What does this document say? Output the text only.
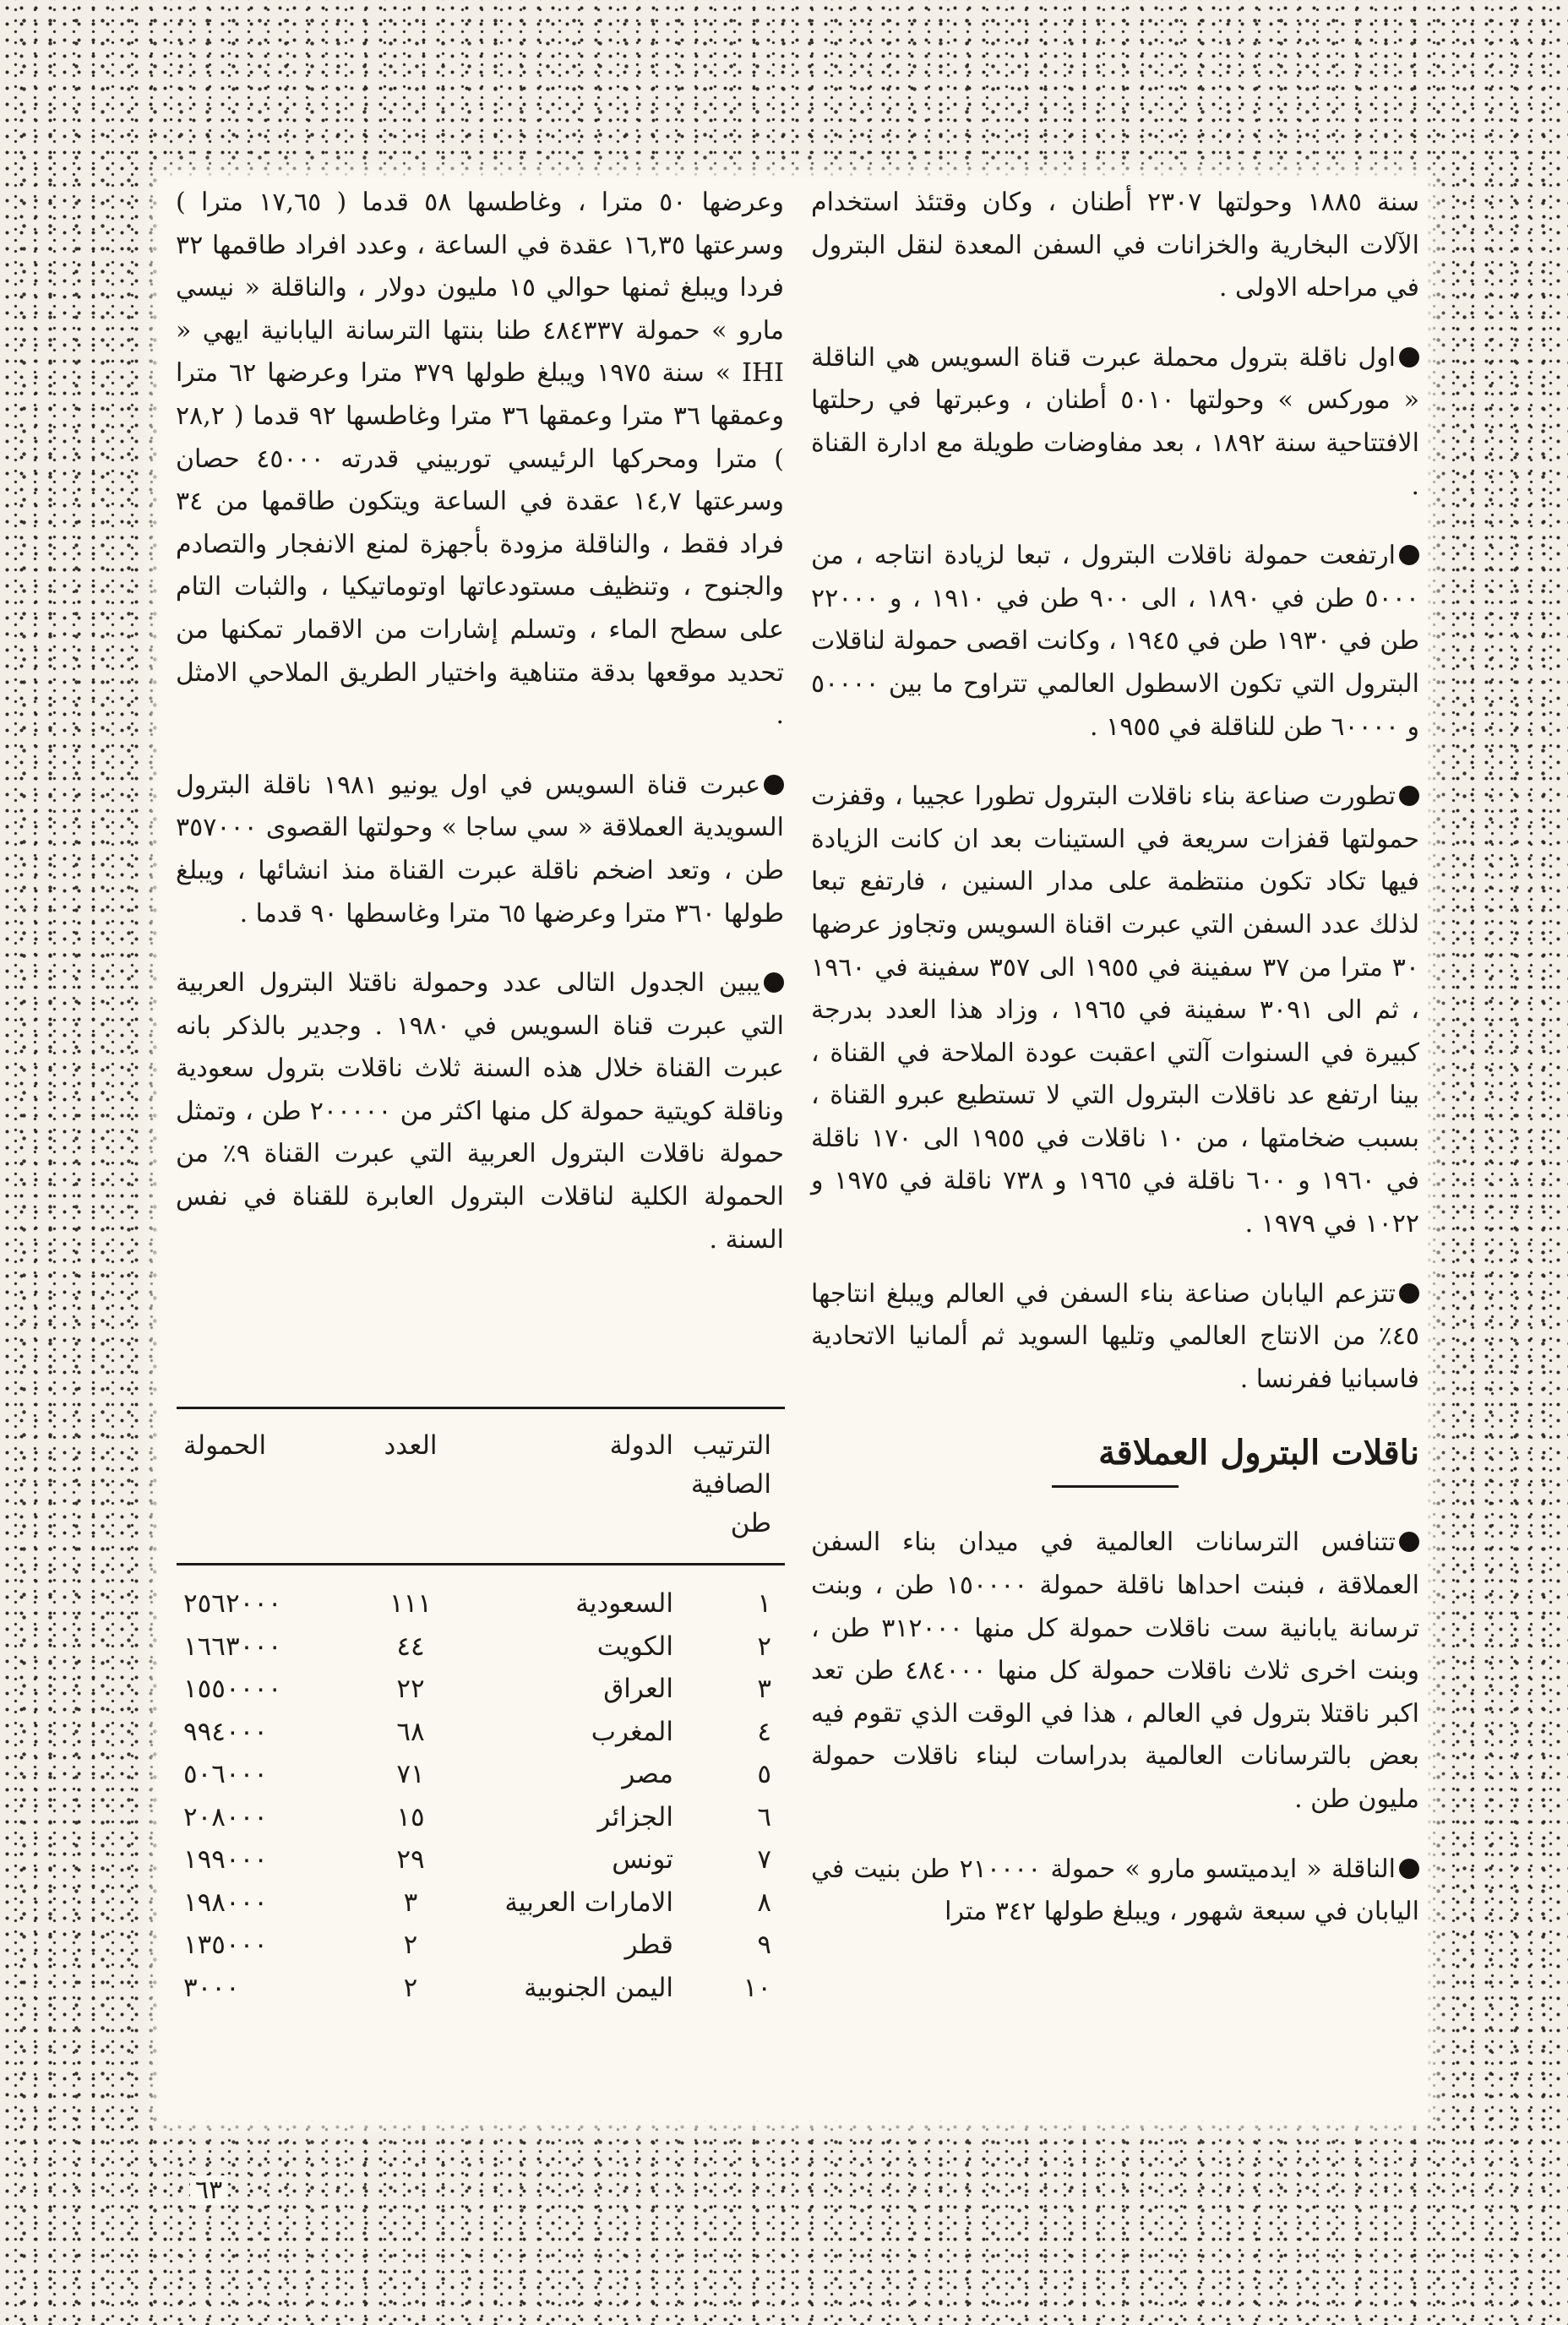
سنة ١٨٨٥ وحولتها ٢٣٠٧ أطنان ، وكان وقتئذ استخدام الآلات البخارية والخزانات في السفن المعدة لنقل البترول في مراحله الاولى .

اول ناقلة بترول محملة عبرت قناة السويس هي الناقلة « موركس » وحولتها ٥٠١٠ أطنان ، وعبرتها في رحلتها الافتتاحية سنة ١٨٩٢ ، بعد مفاوضات طويلة مع ادارة القناة .

ارتفعت حمولة ناقلات البترول ، تبعا لزيادة انتاجه ، من ٥٠٠٠ طن في ١٨٩٠ ، الى ٩٠٠ طن في ١٩١٠ ، و ٢٢٠٠٠ طن في ١٩٣٠ طن في ١٩٤٥ ، وكانت اقصى حمولة لناقلات البترول التي تكون الاسطول العالمي تتراوح ما بين ٥٠٠٠٠ و ٦٠٠٠٠ طن للناقلة في ١٩٥٥ .

تطورت صناعة بناء ناقلات البترول تطورا عجيبا ، وقفزت حمولتها قفزات سريعة في الستينات بعد ان كانت الزيادة فيها تكاد تكون منتظمة على مدار السنين ، فارتفع تبعا لذلك عدد السفن التي عبرت اقناة السويس وتجاوز عرضها ٣٠ مترا من ٣٧ سفينة في ١٩٥٥ الى ٣٥٧ سفينة في ١٩٦٠ ، ثم الى ٣٠٩١ سفينة في ١٩٦٥ ، وزاد هذا العدد بدرجة كبيرة في السنوات آلتي اعقبت عودة الملاحة في القناة ، بينا ارتفع عد ناقلات البترول التي لا تستطيع عبرو القناة ، بسبب ضخامتها ، من ١٠ ناقلات في ١٩٥٥ الى ١٧٠ ناقلة في ١٩٦٠ و ٦٠٠ ناقلة في ١٩٦٥ و ٧٣٨ ناقلة في ١٩٧٥ و ١٠٢٢ في ١٩٧٩ .

تتزعم اليابان صناعة بناء السفن في العالم ويبلغ انتاجها ٤٥٪ من الانتاج العالمي وتليها السويد ثم ألمانيا الاتحادية فاسبانيا ففرنسا .

ناقلات البترول العملاقة

تتنافس الترسانات العالمية في ميدان بناء السفن العملاقة ، فبنت احداها ناقلة حمولة ١٥٠٠٠٠ طن ، وبنت ترسانة يابانية ست ناقلات حمولة كل منها ٣١٢٠٠٠ طن ، وبنت اخرى ثلاث ناقلات حمولة كل منها ٤٨٤٠٠٠ طن تعد اكبر ناقتلا بترول في العالم ، هذا في الوقت الذي تقوم فيه بعض بالترسانات العالمية بدراسات لبناء ناقلات حمولة مليون طن .

الناقلة « ايدميتسو مارو » حمولة ٢١٠٠٠٠ طن بنيت في اليابان في سبعة شهور ، ويبلغ طولها ٣٤٢ مترا

وعرضها ٥٠ مترا ، وغاطسها ٥٨ قدما ( ١٧,٦٥ مترا ) وسرعتها ١٦,٣٥ عقدة في الساعة ، وعدد افراد طاقمها ٣٢ فردا ويبلغ ثمنها حوالي ١٥ مليون دولار ، والناقلة « نيسي مارو » حمولة ٤٨٤٣٣٧ طنا بنتها الترسانة اليابانية ايهي « IHI » سنة ١٩٧٥ ويبلغ طولها ٣٧٩ مترا وعرضها ٦٢ مترا وعمقها ٣٦ مترا وعمقها ٣٦ مترا وغاطسها ٩٢ قدما ( ٢٨,٢ ) مترا ومحركها الرئيسي توربيني قدرته ٤٥٠٠٠ حصان وسرعتها ١٤,٧ عقدة في الساعة ويتكون طاقمها من ٣٤ فراد فقط ، والناقلة مزودة بأجهزة لمنع الانفجار والتصادم والجنوح ، وتنظيف مستودعاتها اوتوماتيكيا ، والثبات التام على سطح الماء ، وتسلم إشارات من الاقمار تمكنها من تحديد موقعها بدقة متناهية واختيار الطريق الملاحي الامثل .

عبرت قناة السويس في اول يونيو ١٩٨١ ناقلة البترول السويدية العملاقة « سي ساجا » وحولتها القصوى ٣٥٧٠٠٠ طن ، وتعد اضخم ناقلة عبرت القناة منذ انشائها ، ويبلغ طولها ٣٦٠ مترا وعرضها ٦٥ مترا وغاسطها ٩٠ قدما .

يبين الجدول التالى عدد وحمولة ناقتلا البترول العربية التي عبرت قناة السويس في ١٩٨٠ . وجدير بالذكر بانه عبرت القناة خلال هذه السنة ثلاث ناقلات بترول سعودية وناقلة كويتية حمولة كل منها اكثر من ٢٠٠٠٠٠ طن ، وتمثل حمولة ناقلات البترول العربية التي عبرت القناة ٩٪ من الحمولة الكلية لناقلات البترول العابرة للقناة في نفس السنة .

الترتيب
الصافية
طن	الدولة	العدد	الحمولة
١	السعودية	١١١	٢٥٦٢٠٠٠
٢	الكويت	٤٤	١٦٦٣٠٠٠
٣	العراق	٢٢	١٥٥٠٠٠٠
٤	المغرب	٦٨	٩٩٤٠٠٠
٥	مصر	٧١	٥٠٦٠٠٠
٦	الجزائر	١٥	٢٠٨٠٠٠
٧	تونس	٢٩	١٩٩٠٠٠
٨	الامارات العربية	٣	١٩٨٠٠٠
٩	قطر	٢	١٣٥٠٠٠
١٠	اليمن الجنوبية	٢	٣٠٠٠
٦٣
